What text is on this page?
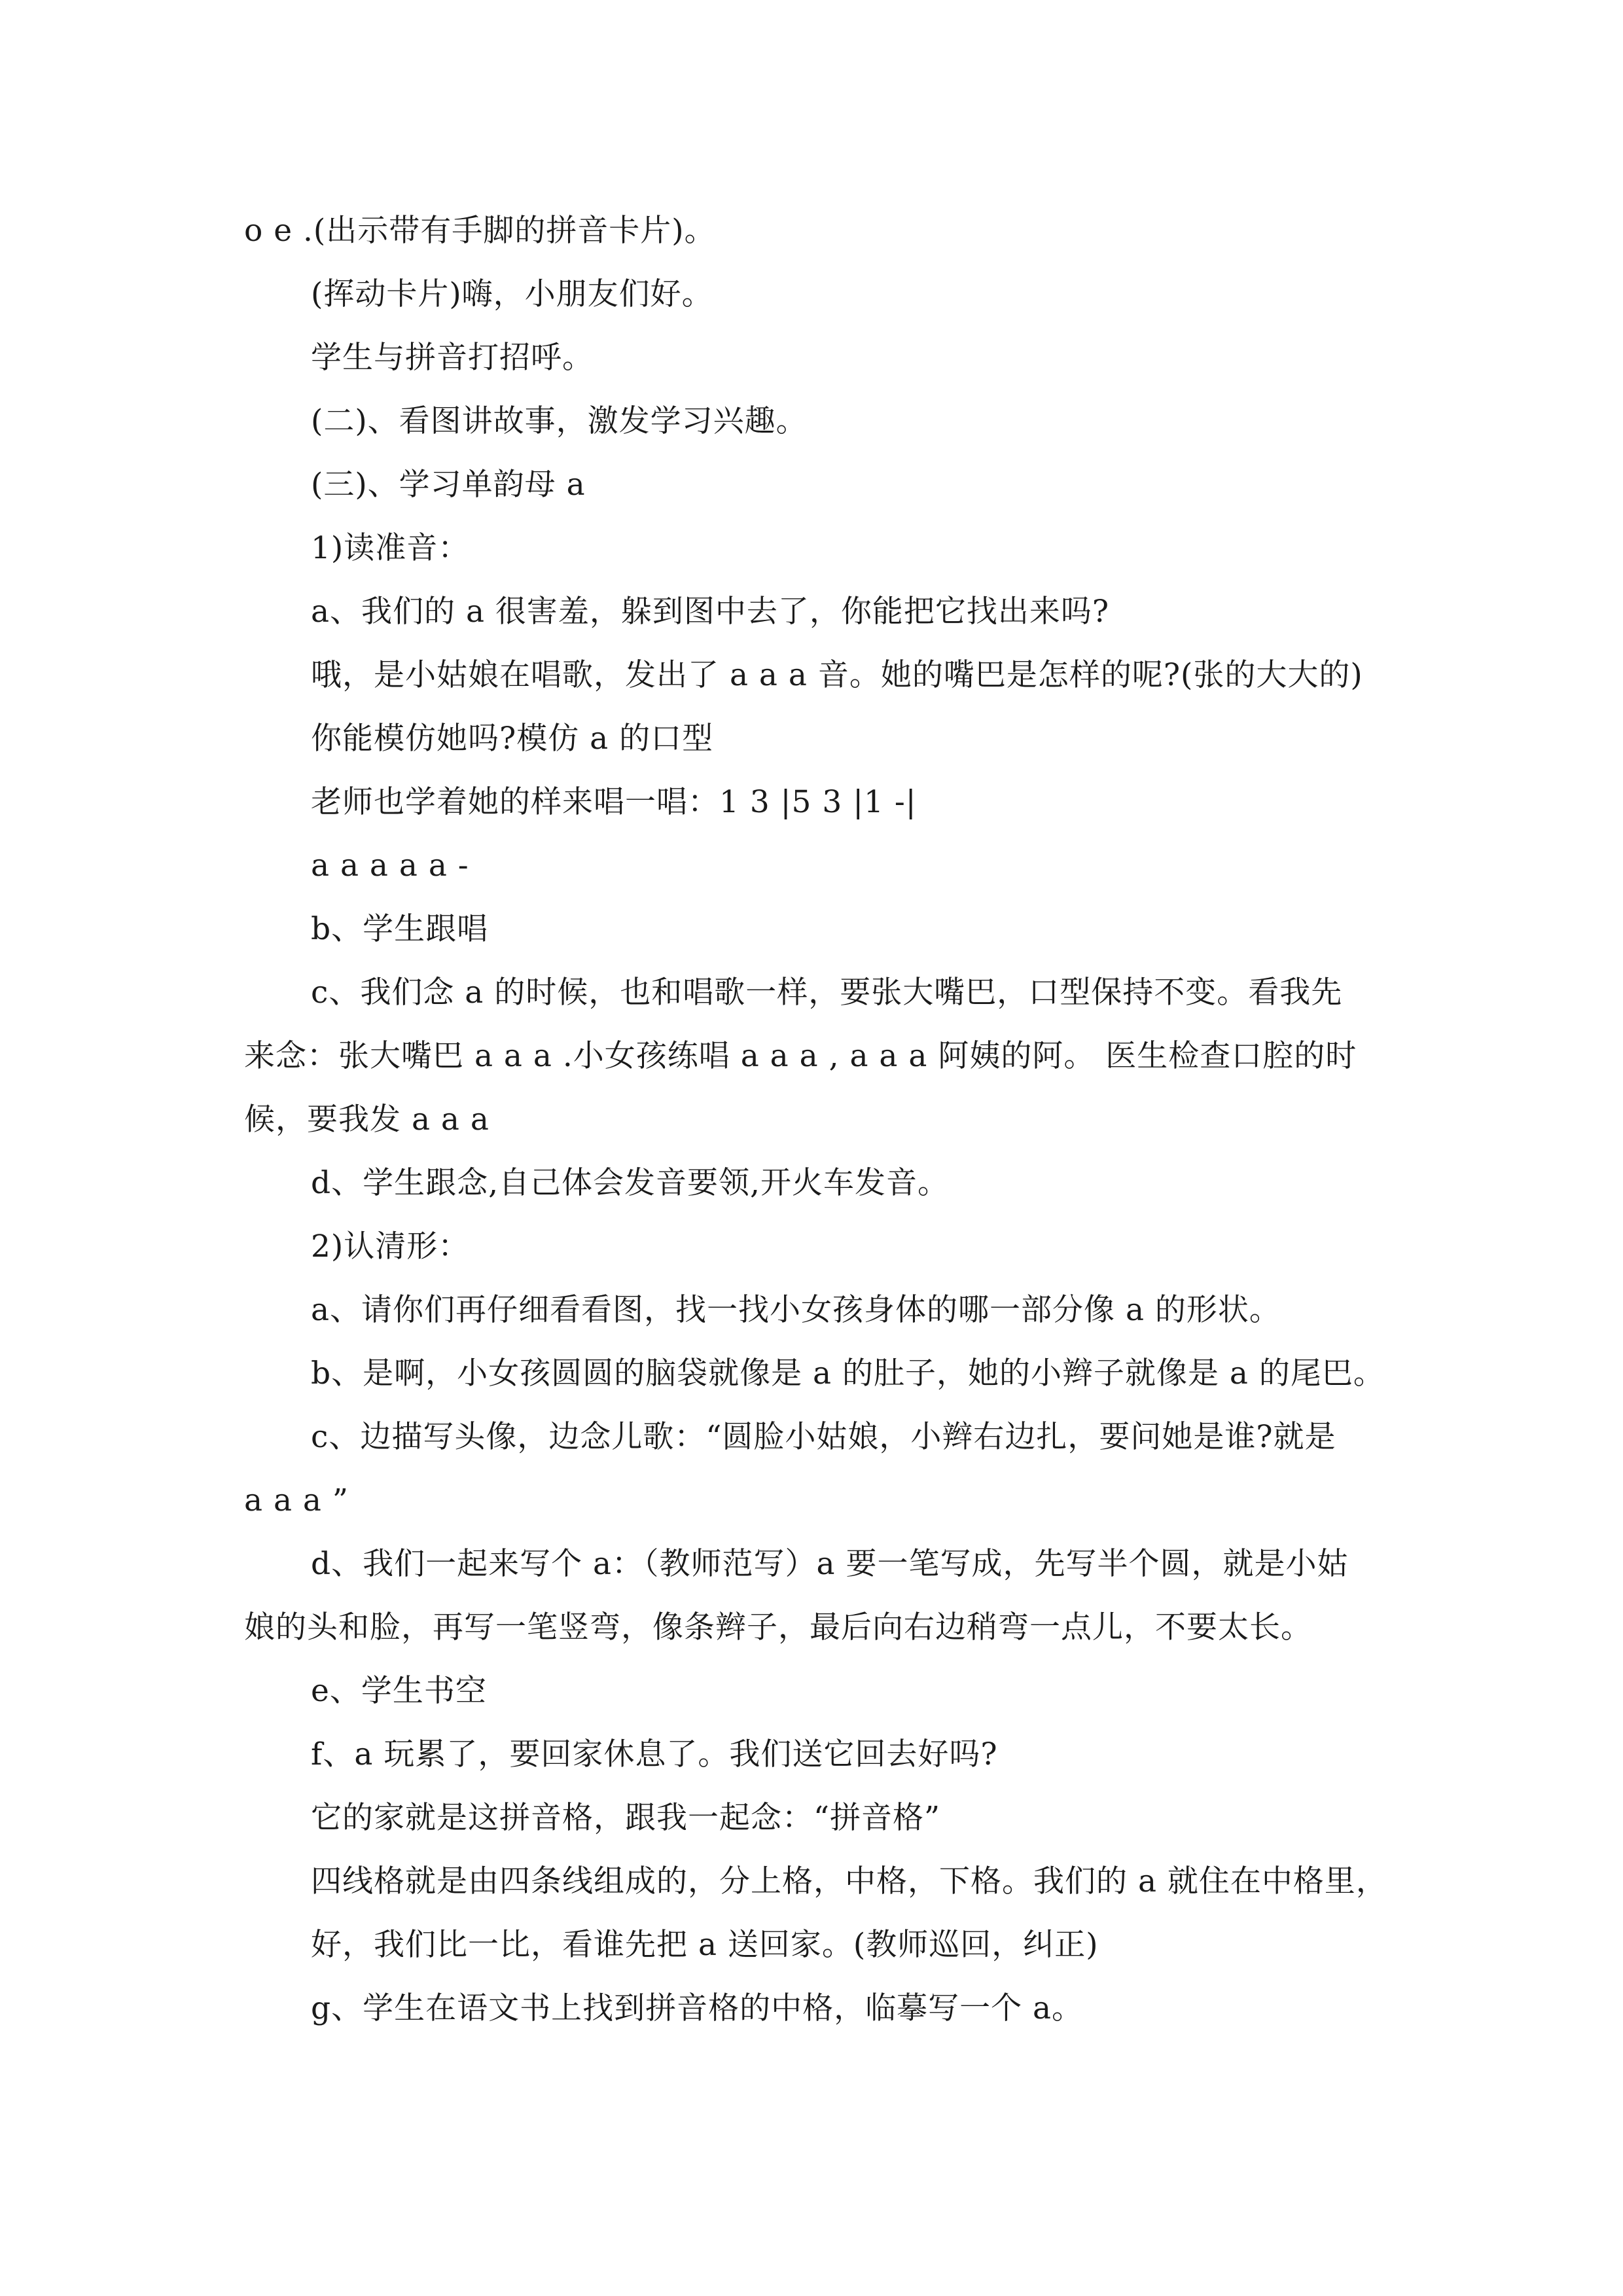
o e .(出示带有手脚的拼音卡片)。
(挥动卡片)嗨，小朋友们好。
学生与拼音打招呼。
(二)、看图讲故事，激发学习兴趣。
(三)、学习单韵母 a
1)读准音：
a、我们的 a 很害羞，躲到图中去了，你能把它找出来吗?
哦，是小姑娘在唱歌，发出了 a a a 音。她的嘴巴是怎样的呢?(张的大大的)
你能模仿她吗?模仿 a 的口型
老师也学着她的样来唱一唱：1 3 |5 3 |1 -|
a a a a a -
b、学生跟唱
c、我们念 a 的时候，也和唱歌一样，要张大嘴巴，口型保持不变。看我先
来念：张大嘴巴 a a a .小女孩练唱 a a a , a a a 阿姨的阿。 医生检查口腔的时
候，要我发 a a a
d、学生跟念,自己体会发音要领,开火车发音。
2)认清形：
a、请你们再仔细看看图，找一找小女孩身体的哪一部分像 a 的形状。
b、是啊，小女孩圆圆的脑袋就像是 a 的肚子，她的小辫子就像是 a 的尾巴。
c、边描写头像，边念儿歌：“圆脸小姑娘，小辫右边扎，要问她是谁?就是
a a a ”
d、我们一起来写个 a：（教师范写）a 要一笔写成，先写半个圆，就是小姑
娘的头和脸，再写一笔竖弯，像条辫子，最后向右边稍弯一点儿，不要太长。
e、学生书空
f、a 玩累了，要回家休息了。我们送它回去好吗?
它的家就是这拼音格，跟我一起念：“拼音格”
四线格就是由四条线组成的，分上格，中格，下格。我们的 a 就住在中格里，
好，我们比一比，看谁先把 a 送回家。(教师巡回，纠正)
g、学生在语文书上找到拼音格的中格，临摹写一个 a。
